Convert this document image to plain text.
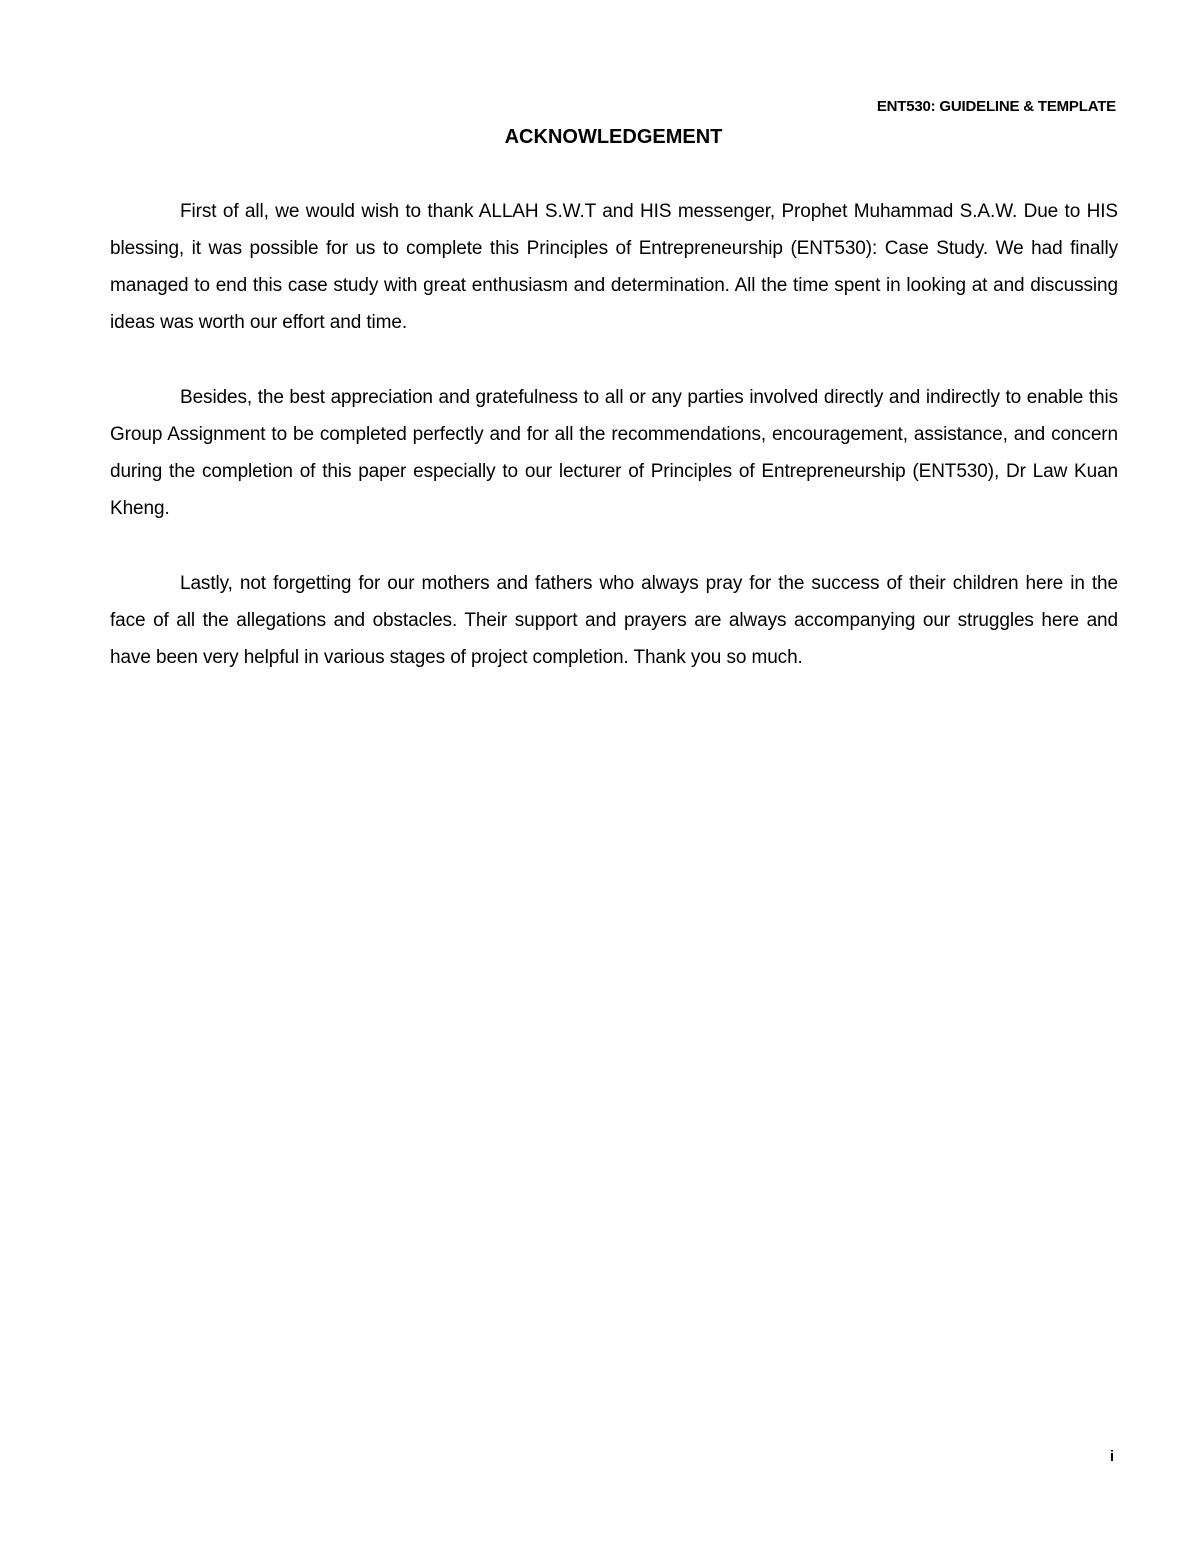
ENT530: GUIDELINE & TEMPLATE
ACKNOWLEDGEMENT

First of all, we would wish to thank ALLAH S.W.T and HIS messenger, Prophet Muhammad S.A.W. Due to HIS blessing, it was possible for us to complete this Principles of Entrepreneurship (ENT530): Case Study. We had finally managed to end this case study with great enthusiasm and determination. All the time spent in looking at and discussing ideas was worth our effort and time.

Besides, the best appreciation and gratefulness to all or any parties involved directly and indirectly to enable this Group Assignment to be completed perfectly and for all the recommendations, encouragement, assistance, and concern during the completion of this paper especially to our lecturer of Principles of Entrepreneurship (ENT530), Dr Law Kuan Kheng.

Lastly, not forgetting for our mothers and fathers who always pray for the success of their children here in the face of all the allegations and obstacles. Their support and prayers are always accompanying our struggles here and have been very helpful in various stages of project completion. Thank you so much.

i
